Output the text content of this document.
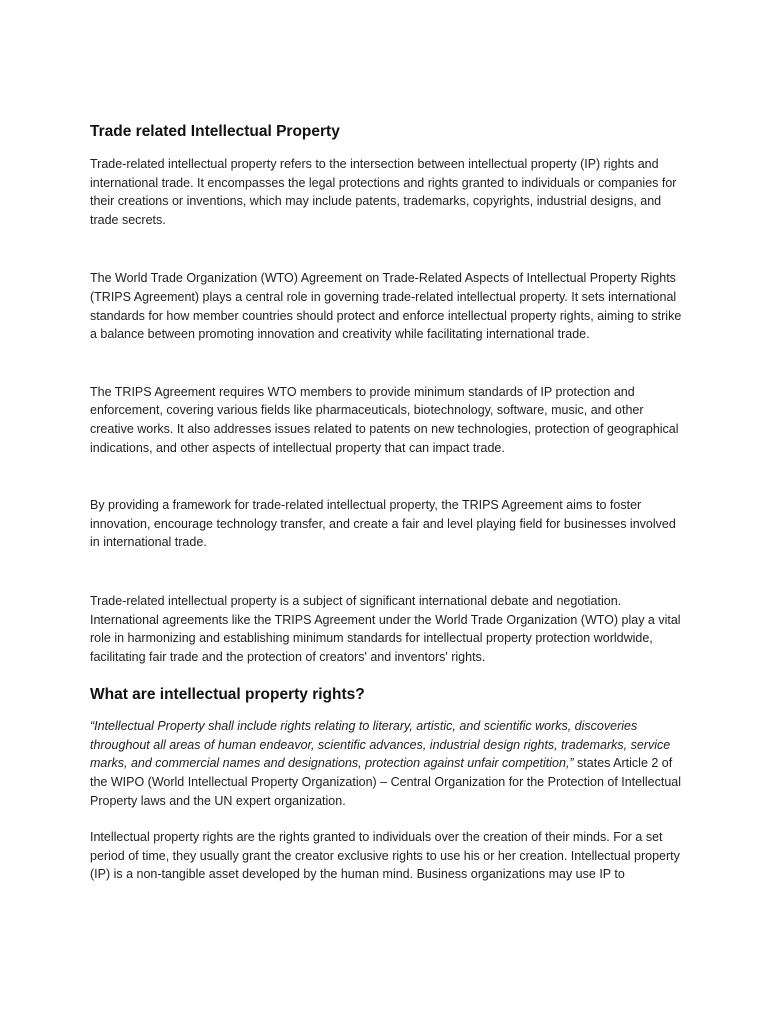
Trade related Intellectual Property

Trade-related intellectual property refers to the intersection between intellectual property (IP) rights and international trade. It encompasses the legal protections and rights granted to individuals or companies for their creations or inventions, which may include patents, trademarks, copyrights, industrial designs, and trade secrets.

The World Trade Organization (WTO) Agreement on Trade-Related Aspects of Intellectual Property Rights (TRIPS Agreement) plays a central role in governing trade-related intellectual property. It sets international standards for how member countries should protect and enforce intellectual property rights, aiming to strike a balance between promoting innovation and creativity while facilitating international trade.

The TRIPS Agreement requires WTO members to provide minimum standards of IP protection and enforcement, covering various fields like pharmaceuticals, biotechnology, software, music, and other creative works. It also addresses issues related to patents on new technologies, protection of geographical indications, and other aspects of intellectual property that can impact trade.

By providing a framework for trade-related intellectual property, the TRIPS Agreement aims to foster innovation, encourage technology transfer, and create a fair and level playing field for businesses involved in international trade.

Trade-related intellectual property is a subject of significant international debate and negotiation. International agreements like the TRIPS Agreement under the World Trade Organization (WTO) play a vital role in harmonizing and establishing minimum standards for intellectual property protection worldwide, facilitating fair trade and the protection of creators' and inventors' rights.

What are intellectual property rights?

“Intellectual Property shall include rights relating to literary, artistic, and scientific works, discoveries throughout all areas of human endeavor, scientific advances, industrial design rights, trademarks, service marks, and commercial names and designations, protection against unfair competition,” states Article 2 of the WIPO (World Intellectual Property Organization) – Central Organization for the Protection of Intellectual Property laws and the UN expert organization.

Intellectual property rights are the rights granted to individuals over the creation of their minds. For a set period of time, they usually grant the creator exclusive rights to use his or her creation. Intellectual property (IP) is a non-tangible asset developed by the human mind. Business organizations may use IP to
